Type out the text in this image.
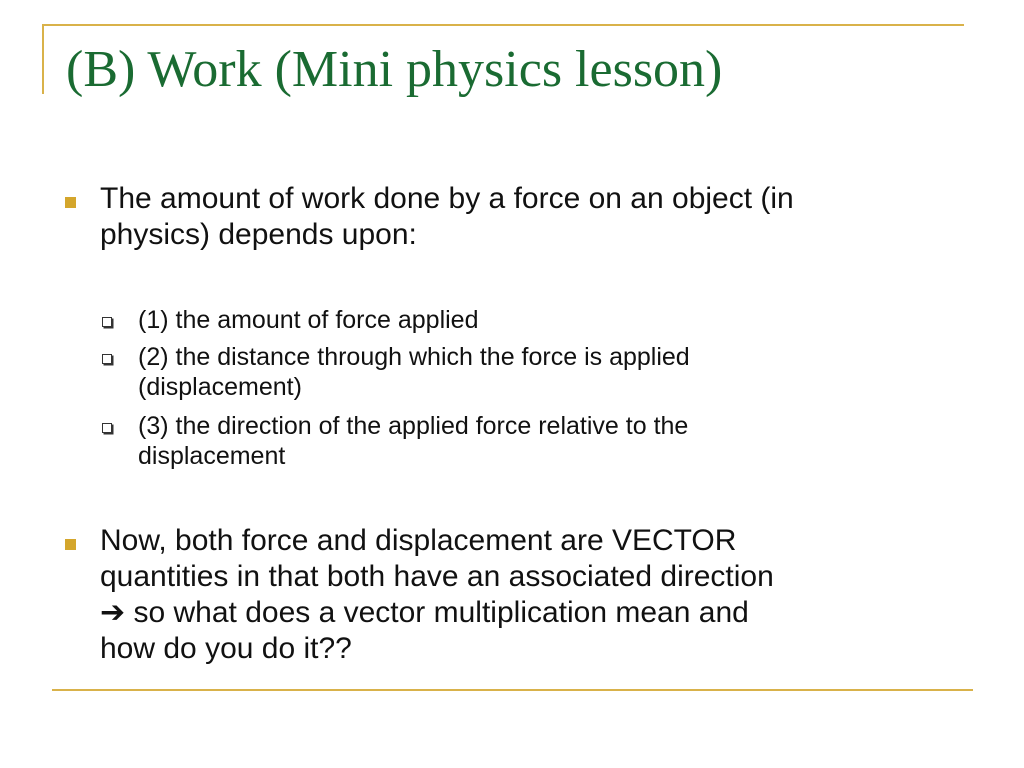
(B) Work (Mini physics lesson)
The amount of work done by a force on an object (in
physics) depends upon:
(1) the amount of force applied
(2) the distance through which the force is applied
(displacement)
(3) the direction of the applied force relative to the
displacement
Now, both force and displacement are VECTOR
quantities in that both have an associated direction
➔ so what does a vector multiplication mean and
how do you do it??
